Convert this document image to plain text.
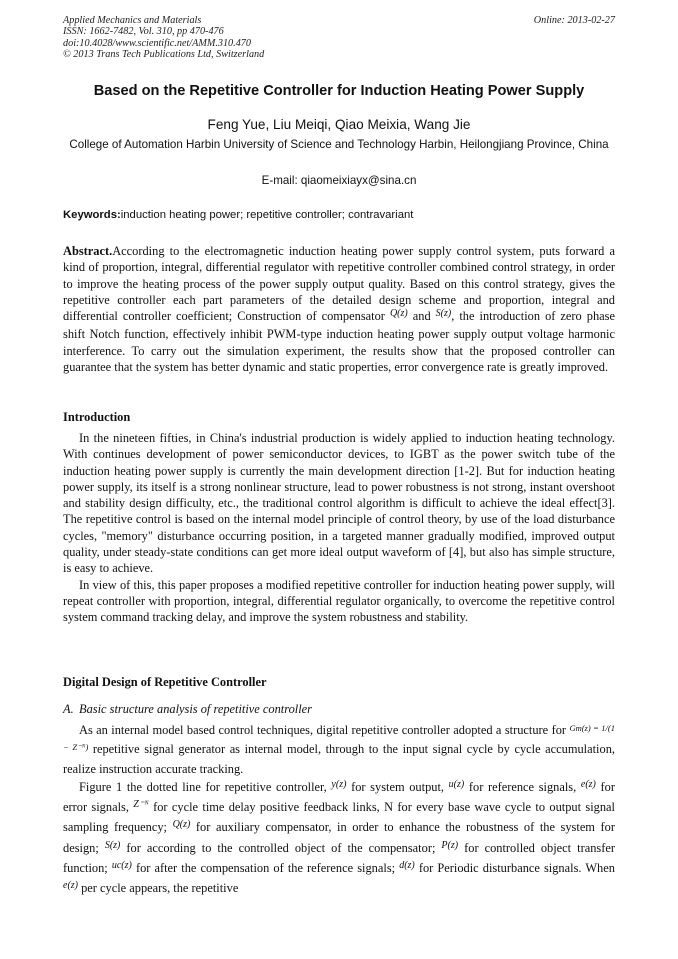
Applied Mechanics and Materials	Online: 2013-02-27
ISSN: 1662-7482, Vol. 310, pp 470-476
doi:10.4028/www.scientific.net/AMM.310.470
© 2013 Trans Tech Publications Ltd, Switzerland
Based on the Repetitive Controller for Induction Heating Power Supply
Feng Yue, Liu Meiqi, Qiao Meixia, Wang Jie
College of Automation Harbin University of Science and Technology Harbin, Heilongjiang Province, China
E-mail: qiaomeixiayx@sina.cn
Keywords:induction heating power; repetitive controller; contravariant
Abstract.According to the electromagnetic induction heating power supply control system, puts forward a kind of proportion, integral, differential regulator with repetitive controller combined control strategy, in order to improve the heating process of the power supply output quality. Based on this control strategy, gives the repetitive controller each part parameters of the detailed design scheme and proportion, integral and differential controller coefficient; Construction of compensator $^{Q(z)}$ and $^{S(z)}$, the introduction of zero phase shift Notch function, effectively inhibit PWM-type induction heating power supply output voltage harmonic interference. To carry out the simulation experiment, the results show that the proposed controller can guarantee that the system has better dynamic and static properties, error convergence rate is greatly improved.
Introduction

In the nineteen fifties, in China's industrial production is widely applied to induction heating technology. With continues development of power semiconductor devices, to IGBT as the power switch tube of the induction heating power supply is currently the main development direction [1-2]. But for induction heating power supply, its itself is a strong nonlinear structure, lead to power robustness is not strong, instant overshoot and stability design difficulty, etc., the traditional control algorithm is difficult to achieve the ideal effect[3]. The repetitive control is based on the internal model principle of control theory, by use of the load disturbance cycles, "memory" disturbance occurring position, in a targeted manner gradually modified, improved output quality, under steady-state conditions can get more ideal output waveform of [4], but also has simple structure, is easy to achieve.

In view of this, this paper proposes a modified repetitive controller for induction heating power supply, will repeat controller with proportion, integral, differential regulator organically, to overcome the repetitive control system command tracking delay, and improve the system robustness and stability.

Digital Design of Repetitive Controller
A. Basic structure analysis of repetitive controller

As an internal model based control techniques, digital repetitive controller adopted a structure for $^{Gm(z) = 1/(1 - Z^-ᴺ)}$ repetitive signal generator as internal model, through to the input signal cycle by cycle accumulation, realize instruction accurate tracking.

Figure 1 the dotted line for repetitive controller, $^{y(z)}$ for system output, $^{u(z)}$ for reference signals, $^{e(z)}$ for error signals, $^{Z^-ᴺ}$ for cycle time delay positive feedback links, N for every base wave cycle to output signal sampling frequency; $^{Q(z)}$ for auxiliary compensator, in order to enhance the robustness of the system for design; $^{S(z)}$ for according to the controlled object of the compensator; $^{P(z)}$ for controlled object transfer function; $^{uc(z)}$ for after the compensation of the reference signals; $^{d(z)}$ for Periodic disturbance signals. When $^{e(z)}$ per cycle appears, the repetitive
